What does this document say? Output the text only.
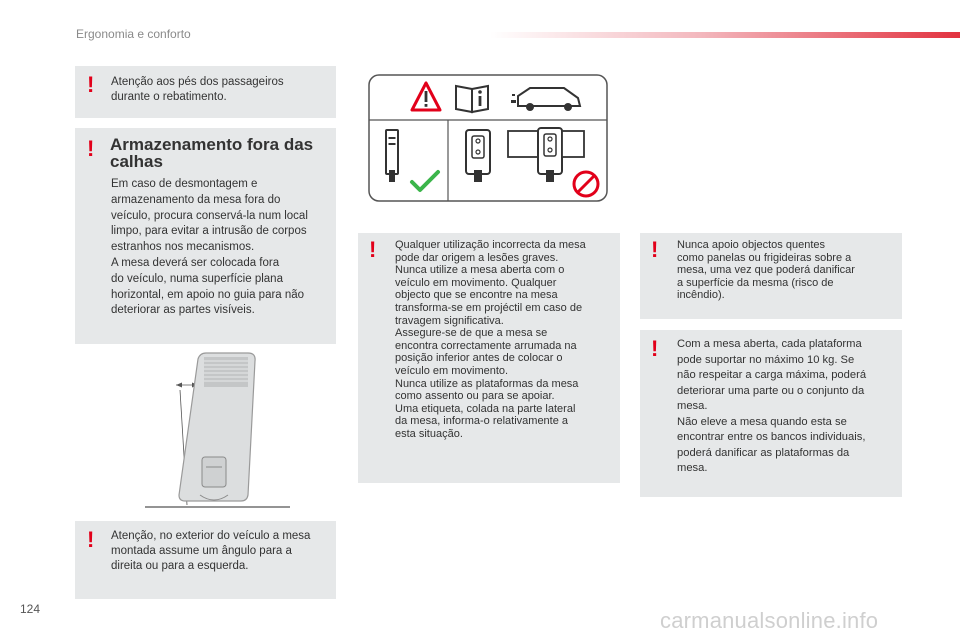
Ergonomia e conforto
! Atenção aos pés dos passageiros
durante o rebatimento.
! Armazenamento fora das calhas
Em caso de desmontagem e
armazenamento da mesa fora do
veículo, procura conservá-la num local
limpo, para evitar a intrusão de corpos
estranhos nos mecanismos.
A mesa deverá ser colocada fora
do veículo, numa superfície plana
horizontal, em apoio no guia para não
deteriorar as partes visíveis.
! Atenção, no exterior do veículo a mesa
montada assume um ângulo para a
direita ou para a esquerda.
! Qualquer utilização incorrecta da mesa
pode dar origem a lesões graves.
Nunca utilize a mesa aberta com o
veículo em movimento. Qualquer
objecto que se encontre na mesa
transforma-se em projéctil em caso de
travagem significativa.
Assegure-se de que a mesa se
encontra correctamente arrumada na
posição inferior antes de colocar o
veículo em movimento.
Nunca utilize as plataformas da mesa
como assento ou para se apoiar.
Uma etiqueta, colada na parte lateral
da mesa, informa-o relativamente a
esta situação.
! Nunca apoio objectos quentes
como panelas ou frigideiras sobre a
mesa, uma vez que poderá danificar
a superfície da mesma (risco de
incêndio).
! Com a mesa aberta, cada plataforma
pode suportar no máximo 10 kg. Se
não respeitar a carga máxima, poderá
deteriorar uma parte ou o conjunto da
mesa.
Não eleve a mesa quando esta se
encontrar entre os bancos individuais,
poderá danificar as plataformas da
mesa.
124	carmanualsonline.info
